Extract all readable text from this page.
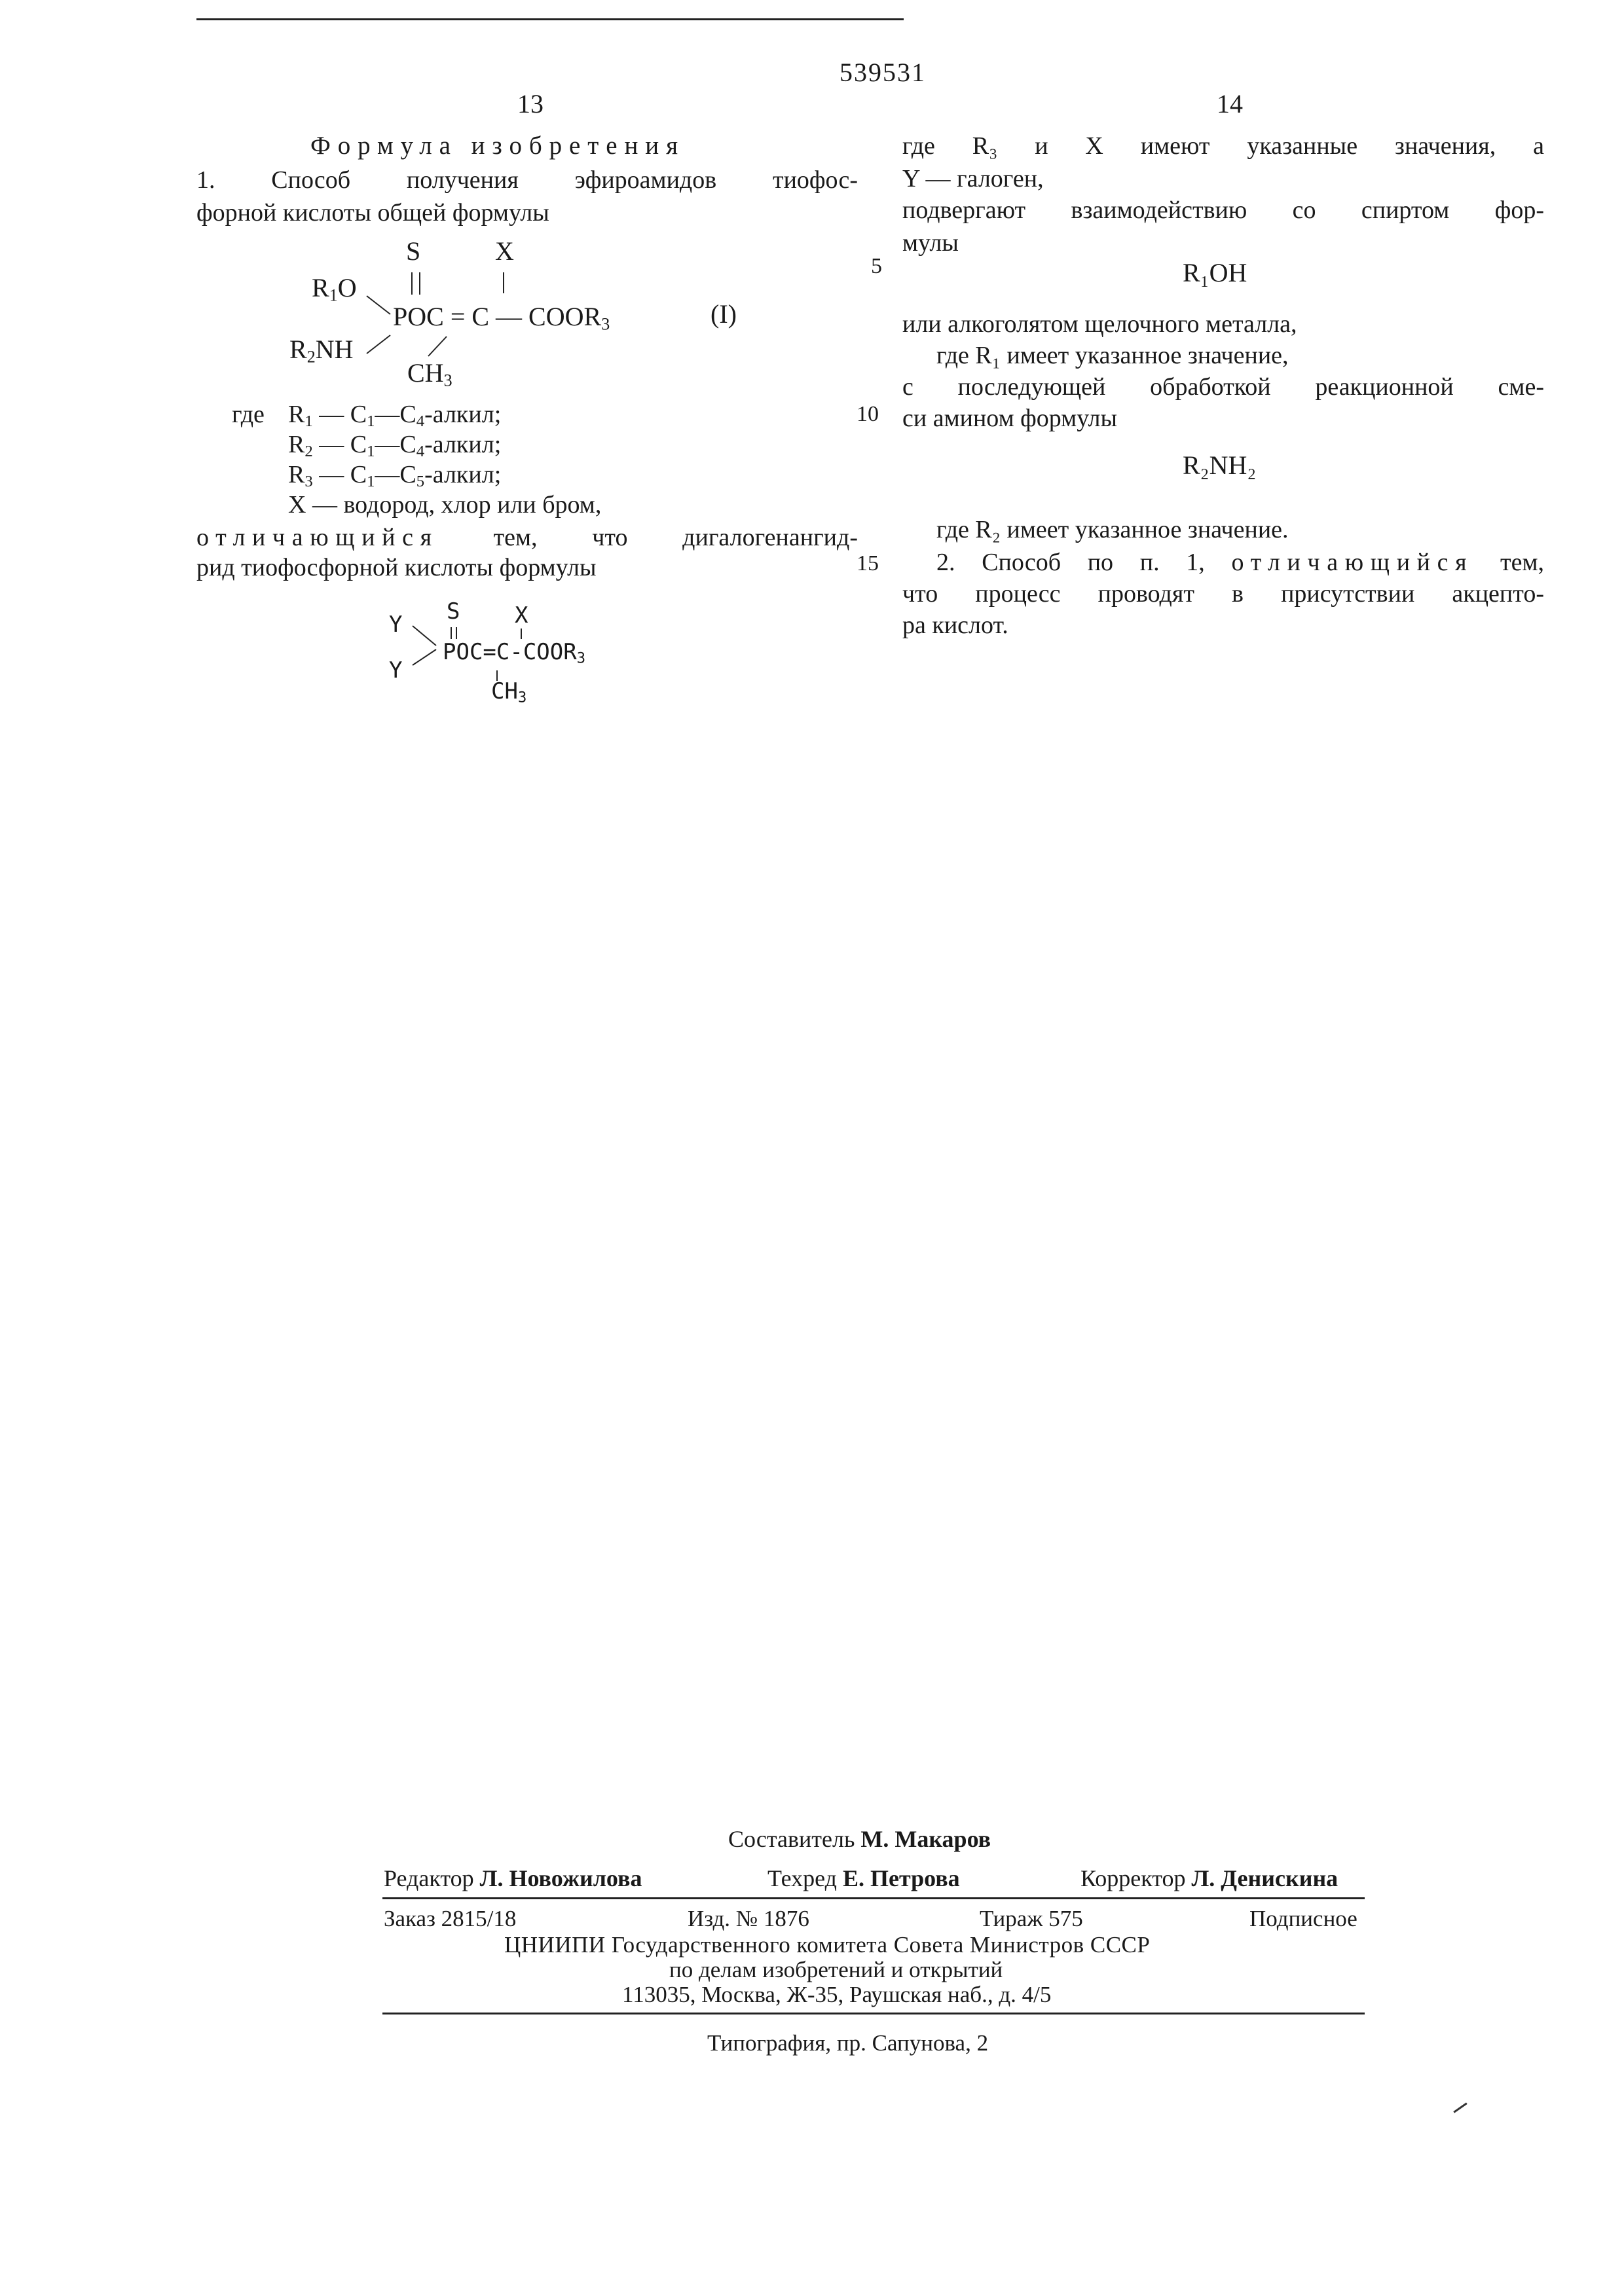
539531
13	14
Формула изобретения
1. Способ получения эфироамидов тиофос-
форной кислоты общей формулы
S	X
$R_1O$
POC = C — $COOR_3$	(I)
$R_2NH$
$CH_3$
где $R_1$ — $C_1—C_4$-алкил;
$R_2$ — $C_1—C_4$-алкил;
$R_3$ — $C_1—C_5$-алкил;
X — водород, хлор или бром,
отличающийся тем, что дигалогенангид-
рид тиофосфорной кислоты формулы
S X
Y
$POC=C-COOR_3$
Y
$CH_3$
5
10
15
где R₃ и X имеют указанные значения, а
Y — галоген,
подвергают взаимодействию со спиртом фор-
мулы
R₁OH
или алкоголятом щелочного металла,
где R₁ имеет указанное значение,
с последующей обработкой реакционной сме-
си амином формулы
R₂NH₂
где R₂ имеет указанное значение.
2. Способ по п. 1, отличающийся тем,
что процесс проводят в присутствии акцепто-
ра кислот.
Составитель М. Макаров
Редактор Л. Новожилова	Техред Е. Петрова	Корректор Л. Денискина
Заказ 2815/18	Изд. № 1876	Тираж 575	Подписное
ЦНИИПИ Государственного комитета Совета Министров СССР
по делам изобретений и открытий
113035, Москва, Ж-35, Раушская наб., д. 4/5
Типография, пр. Сапунова, 2
